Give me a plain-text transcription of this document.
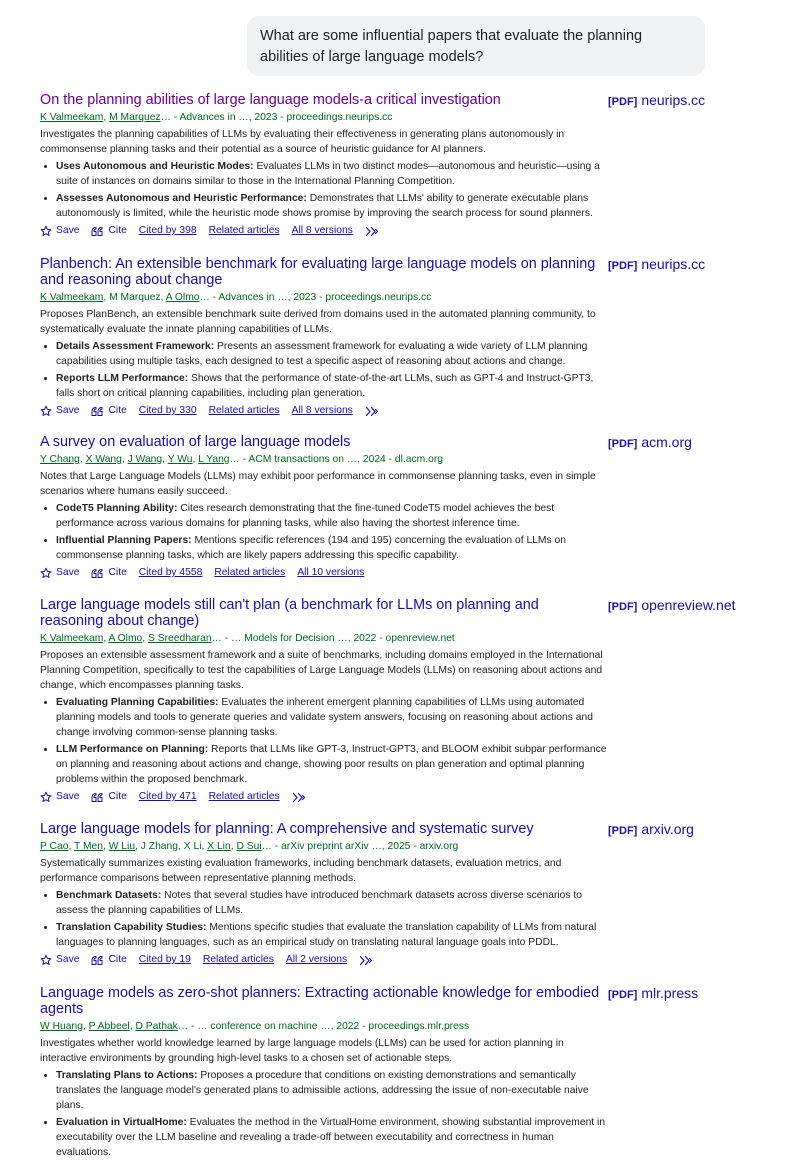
What are some influential papers that evaluate the planning abilities of large language models?
On the planning abilities of large language models-a critical investigation	[PDF] neurips.cc
K Valmeekam, M Marquez… - Advances in …, 2023 - proceedings.neurips.cc
Investigates the planning capabilities of LLMs by evaluating their effectiveness in generating plans autonomously in commonsense planning tasks and their potential as a source of heuristic guidance for AI planners.
• Uses Autonomous and Heuristic Modes: Evaluates LLMs in two distinct modes—autonomous and heuristic—using a suite of instances on domains similar to those in the International Planning Competition.
• Assesses Autonomous and Heuristic Performance: Demonstrates that LLMs' ability to generate executable plans autonomously is limited, while the heuristic mode shows promise by improving the search process for sound planners.
Save	Cite Cited by 398 Related articles All 8 versions
Planbench: An extensible benchmark for evaluating large language models on planning and reasoning about change
[PDF] neurips.cc
K Valmeekam, M Marquez, A Olmo… - Advances in …, 2023 - proceedings.neurips.cc
Proposes PlanBench, an extensible benchmark suite derived from domains used in the automated planning community, to systematically evaluate the innate planning capabilities of LLMs.
• Details Assessment Framework: Presents an assessment framework for evaluating a wide variety of LLM planning capabilities using multiple tasks, each designed to test a specific aspect of reasoning about actions and change.
• Reports LLM Performance: Shows that the performance of state-of-the-art LLMs, such as GPT-4 and Instruct-GPT3, falls short on critical planning capabilities, including plan generation.
Save	Cite Cited by 330 Related articles All 8 versions
A survey on evaluation of large language models	[PDF] acm.org
Y Chang, X Wang, J Wang, Y Wu, L Yang… - ACM transactions on …, 2024 - dl.acm.org
Notes that Large Language Models (LLMs) may exhibit poor performance in commonsense planning tasks, even in simple scenarios where humans easily succeed.
• CodeT5 Planning Ability: Cites research demonstrating that the fine-tuned CodeT5 model achieves the best performance across various domains for planning tasks, while also having the shortest inference time.
• Influential Planning Papers: Mentions specific references (194 and 195) concerning the evaluation of LLMs on commonsense planning tasks, which are likely papers addressing this specific capability.
Save	Cite Cited by 4558 Related articles All 10 versions
Large language models still can't plan (a benchmark for LLMs on planning and reasoning about change)
[PDF] openreview.net
K Valmeekam, A Olmo, S Sreedharan… - … Models for Decision …, 2022 - openreview.net
Proposes an extensible assessment framework and a suite of benchmarks, including domains employed in the International Planning Competition, specifically to test the capabilities of Large Language Models (LLMs) on reasoning about actions and change, which encompasses planning tasks.
• Evaluating Planning Capabilities: Evaluates the inherent emergent planning capabilities of LLMs using automated planning models and tools to generate queries and validate system answers, focusing on reasoning about actions and change involving common-sense planning tasks.
• LLM Performance on Planning: Reports that LLMs like GPT-3, Instruct-GPT3, and BLOOM exhibit subpar performance on planning and reasoning about actions and change, showing poor results on plan generation and optimal planning problems within the proposed benchmark.
Save	Cite Cited by 471 Related articles
Large language models for planning: A comprehensive and systematic survey	[PDF] arxiv.org
P Cao, T Men, W Liu, J Zhang, X Li, X Lin, D Sui… - arXiv preprint arXiv …, 2025 - arxiv.org
Systematically summarizes existing evaluation frameworks, including benchmark datasets, evaluation metrics, and performance comparisons between representative planning methods.
• Benchmark Datasets: Notes that several studies have introduced benchmark datasets across diverse scenarios to assess the planning capabilities of LLMs.
• Translation Capability Studies: Mentions specific studies that evaluate the translation capability of LLMs from natural languages to planning languages, such as an empirical study on translating natural language goals into PDDL.
Save	Cite Cited by 19 Related articles All 2 versions
Language models as zero-shot planners: Extracting actionable knowledge for embodied agents
[PDF] mlr.press
W Huang, P Abbeel, D Pathak… - … conference on machine …, 2022 - proceedings.mlr.press
Investigates whether world knowledge learned by large language models (LLMs) can be used for action planning in interactive environments by grounding high-level tasks to a chosen set of actionable steps.
• Translating Plans to Actions: Proposes a procedure that conditions on existing demonstrations and semantically translates the language model's generated plans to admissible actions, addressing the issue of non-executable naive plans.
• Evaluation in VirtualHome: Evaluates the method in the VirtualHome environment, showing substantial improvement in executability over the LLM baseline and revealing a trade-off between executability and correctness in human evaluations.
